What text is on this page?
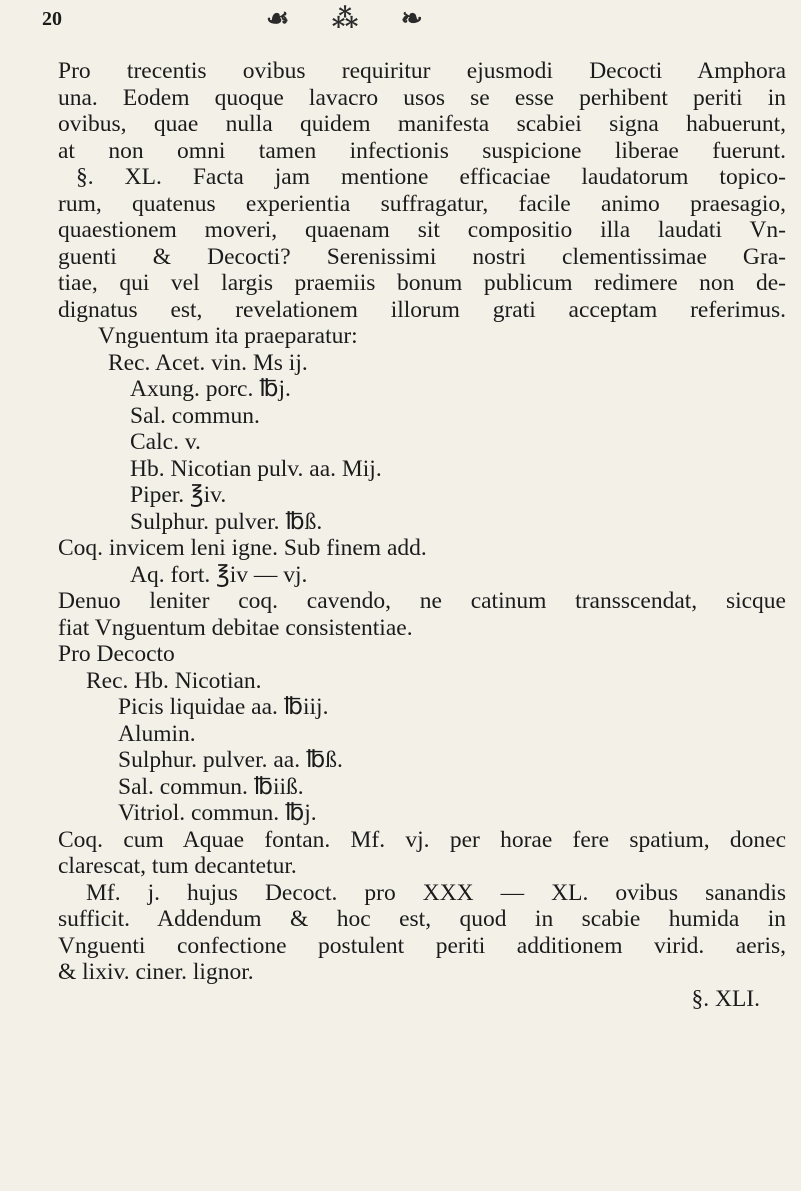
20	☙ ⁂ ❧
Pro trecentis ovibus requiritur ejusmodi Decocti Amphora
una. Eodem quoque lavacro usos se esse perhibent periti in
ovibus, quae nulla quidem manifesta scabiei signa habuerunt,
at non omni tamen infectionis suspicione liberae fuerunt.
§. XL. Facta jam mentione efficaciae laudatorum topico-
rum, quatenus experientia suffragatur, facile animo praesagio,
quaestionem moveri, quaenam sit compositio illa laudati Vn-
guenti & Decocti? Serenissimi nostri clementissimae Gra-
tiae, qui vel largis praemiis bonum publicum redimere non de-
dignatus est, revelationem illorum grati acceptam referimus.
Vnguentum ita praeparatur:
Rec. Acet. vin. Ms ij.
Axung. porc. ℔j.
Sal. commun.
Calc. v.
Hb. Nicotian pulv. aa. Mij.
Piper. ℥iv.
Sulphur. pulver. ℔ß.
Coq. invicem leni igne. Sub finem add.
Aq. fort. ℥iv — vj.
Denuo leniter coq. cavendo, ne catinum transscendat, sicque
fiat Vnguentum debitae consistentiae.
Pro Decocto
Rec. Hb. Nicotian.
Picis liquidae aa. ℔iij.
Alumin.
Sulphur. pulver. aa. ℔ß.
Sal. commun. ℔iiß.
Vitriol. commun. ℔j.
Coq. cum Aquae fontan. Mf. vj. per horae fere spatium, donec
clarescat, tum decantetur.
Mf. j. hujus Decoct. pro XXX — XL. ovibus sanandis
sufficit. Addendum & hoc est, quod in scabie humida in
Vnguenti confectione postulent periti additionem virid. aeris,
& lixiv. ciner. lignor.
§. XLI.
